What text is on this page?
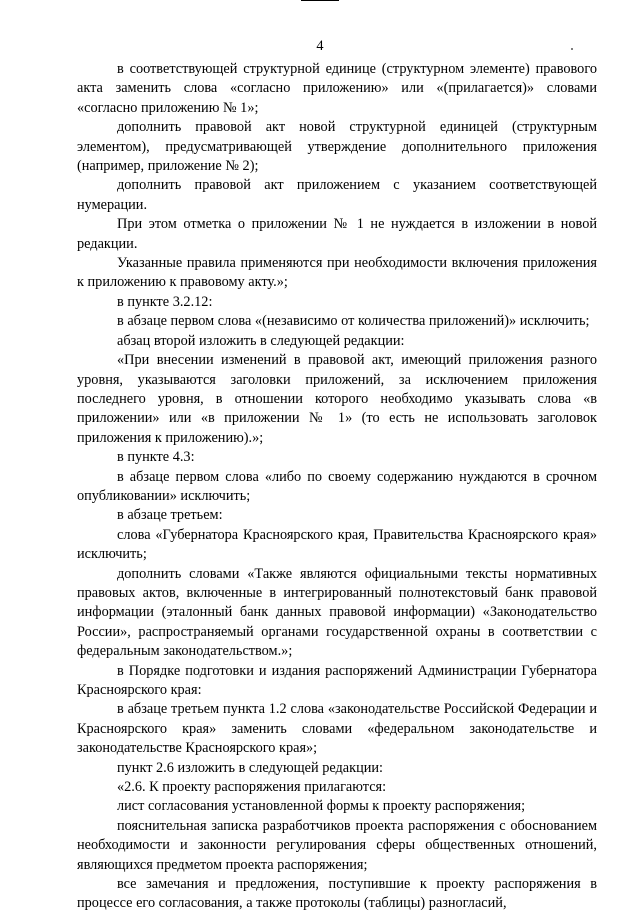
4

в соответствующей структурной единице (структурном элементе) правового акта заменить слова «согласно приложению» или «(прилагается)» словами «согласно приложению № 1»;

дополнить правовой акт новой структурной единицей (структурным элементом), предусматривающей утверждение дополнительного приложения (например, приложение № 2);

дополнить правовой акт приложением с указанием соответствующей нумерации.

При этом отметка о приложении № 1 не нуждается в изложении в новой редакции.

Указанные правила применяются при необходимости включения приложения к приложению к правовому акту.»;

в пункте 3.2.12:

в абзаце первом слова «(независимо от количества приложений)» исключить;

абзац второй изложить в следующей редакции:

«При внесении изменений в правовой акт, имеющий приложения разного уровня, указываются заголовки приложений, за исключением приложения последнего уровня, в отношении которого необходимо указывать слова «в приложении» или «в приложении № 1» (то есть не использовать заголовок приложения к приложению).»;

в пункте 4.3:

в абзаце первом слова «либо по своему содержанию нуждаются в срочном опубликовании» исключить;

в абзаце третьем:

слова «Губернатора Красноярского края, Правительства Красноярского края» исключить;

дополнить словами «Также являются официальными тексты нормативных правовых актов, включенные в интегрированный полнотекстовый банк правовой информации (эталонный банк данных правовой информации) «Законодательство России», распространяемый органами государственной охраны в соответствии с федеральным законодательством.»;

в Порядке подготовки и издания распоряжений Администрации Губернатора Красноярского края:

в абзаце третьем пункта 1.2 слова «законодательстве Российской Федерации и Красноярского края» заменить словами «федеральном законодательстве и законодательстве Красноярского края»;

пункт 2.6 изложить в следующей редакции:

«2.6. К проекту распоряжения прилагаются:

лист согласования установленной формы к проекту распоряжения;

пояснительная записка разработчиков проекта распоряжения с обоснованием необходимости и законности регулирования сферы общественных отношений, являющихся предметом проекта распоряжения;

все замечания и предложения, поступившие к проекту распоряжения в процессе его согласования, а также протоколы (таблицы) разногласий,
